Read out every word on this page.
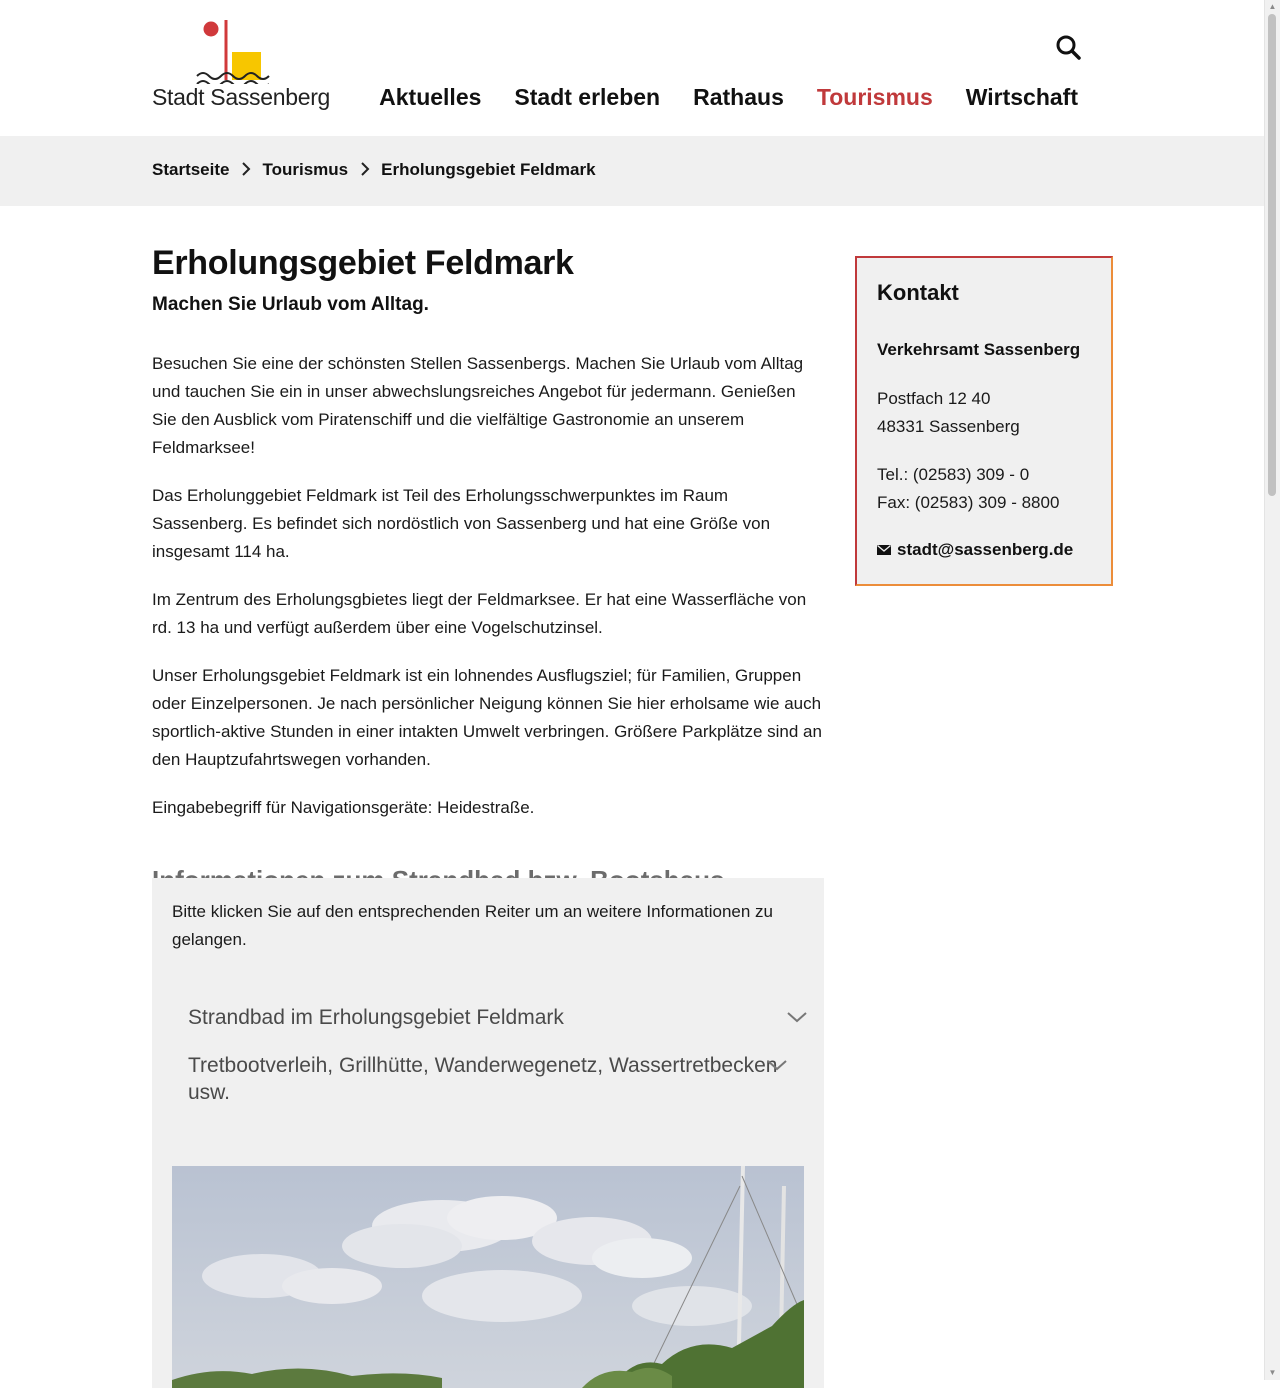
Stadt Sassenberg	Aktuelles	Stadt erleben	Rathaus	Tourismus	Wirtschaft
Startseite Tourismus Erholungsgebiet Feldmark
Erholungsgebiet Feldmark
Machen Sie Urlaub vom Alltag.

Besuchen Sie eine der schönsten Stellen Sassenbergs. Machen Sie Urlaub vom Alltag und tauchen Sie ein in unser abwechslungsreiches Angebot für jedermann. Genießen Sie den Ausblick vom Piratenschiff und die vielfältige Gastronomie an unserem Feldmarksee!

Das Erholunggebiet Feldmark ist Teil des Erholungsschwerpunktes im Raum Sassenberg. Es befindet sich nordöstlich von Sassenberg und hat eine Größe von insgesamt 114 ha.

Im Zentrum des Erholungsgbietes liegt der Feldmarksee. Er hat eine Wasserfläche von rd. 13 ha und verfügt außerdem über eine Vogelschutzinsel.

Unser Erholungsgebiet Feldmark ist ein lohnendes Ausflugsziel; für Familien, Gruppen oder Einzelpersonen. Je nach persönlicher Neigung können Sie hier erholsame wie auch sportlich-aktive Stunden in einer intakten Umwelt verbringen. Größere Parkplätze sind an den Hauptzufahrtswegen vorhanden.

Eingabebegriff für Navigationsgeräte: Heidestraße.

Bitte klicken Sie auf den entsprechenden Reiter um an weitere Informationen zu gelangen.

Strandbad im Erholungsgebiet Feldmark
Tretbootverleih, Grillhütte, Wanderwegenetz, Wassertretbecken usw.
Kontakt

Verkehrsamt Sassenberg

Postfach 12 40

48331 Sassenberg

Tel.: (02583) 309 - 0

Fax: (02583) 309 - 8800

stadt@sassenberg.de
▲
▼
